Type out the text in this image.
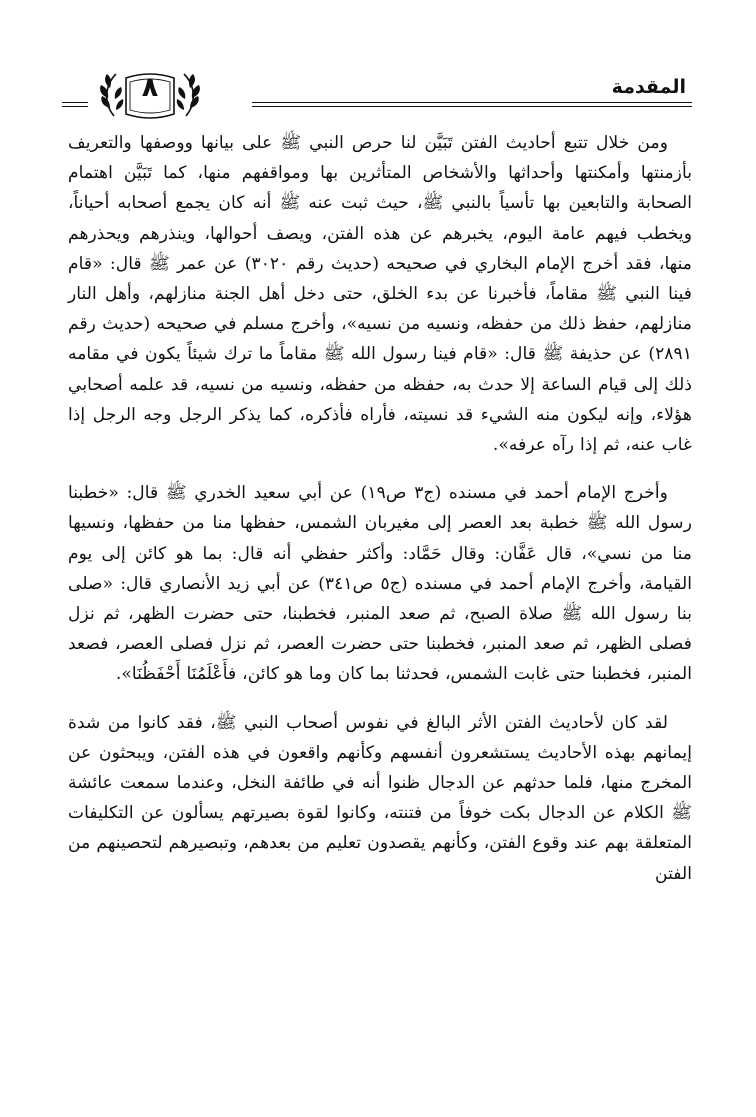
المقدمة
٨

ومن خلال تتبع أحاديث الفتن تَبَيَّن لنا حرص النبي ﷺ على بيانها ووصفها والتعريف بأزمنتها وأمكنتها وأحداثها والأشخاص المتأثرين بها ومواقفهم منها، كما تَبَيَّن اهتمام الصحابة والتابعين بها تأسياً بالنبي ﷺ، حيث ثبت عنه ﷺ أنه كان يجمع أصحابه أحياناً، ويخطب فيهم عامة اليوم، يخبرهم عن هذه الفتن، ويصف أحوالها، وينذرهم ويحذرهم منها، فقد أخرج الإمام البخاري في صحيحه (حديث رقم ٣٠٢٠) عن عمر ﷺ قال: «قام فينا النبي ﷺ مقاماً، فأخبرنا عن بدء الخلق، حتى دخل أهل الجنة منازلهم، وأهل النار منازلهم، حفظ ذلك من حفظه، ونسيه من نسيه»، وأخرج مسلم في صحيحه (حديث رقم ٢٨٩١) عن حذيفة ﷺ قال: «قام فينا رسول الله ﷺ مقاماً ما ترك شيئاً يكون في مقامه ذلك إلى قيام الساعة إلا حدث به، حفظه من حفظه، ونسيه من نسيه، قد علمه أصحابي هؤلاء، وإنه ليكون منه الشيء قد نسيته، فأراه فأذكره، كما يذكر الرجل وجه الرجل إذا غاب عنه، ثم إذا رآه عرفه».

وأخرج الإمام أحمد في مسنده (ج٣ ص١٩) عن أبي سعيد الخدري ﷺ قال: «خطبنا رسول الله ﷺ خطبة بعد العصر إلى مغيربان الشمس، حفظها منا من حفظها، ونسيها منا من نسي»، قال عَفَّان: وقال حَمَّاد: وأكثر حفظي أنه قال: بما هو كائن إلى يوم القيامة، وأخرج الإمام أحمد في مسنده (ج٥ ص٣٤١) عن أبي زيد الأنصاري قال: «صلى بنا رسول الله ﷺ صلاة الصبح، ثم صعد المنبر، فخطبنا، حتى حضرت الظهر، ثم نزل فصلى الظهر، ثم صعد المنبر، فخطبنا حتى حضرت العصر، ثم نزل فصلى العصر، فصعد المنبر، فخطبنا حتى غابت الشمس، فحدثنا بما كان وما هو كائن، فأَعْلَمُنَا أَحْفَظُنَا».

لقد كان لأحاديث الفتن الأثر البالغ في نفوس أصحاب النبي ﷺ، فقد كانوا من شدة إيمانهم بهذه الأحاديث يستشعرون أنفسهم وكأنهم واقعون في هذه الفتن، ويبحثون عن المخرج منها، فلما حدثهم عن الدجال ظنوا أنه في طائفة النخل، وعندما سمعت عائشة ﷺ الكلام عن الدجال بكت خوفاً من فتنته، وكانوا لقوة بصيرتهم يسألون عن التكليفات المتعلقة بهم عند وقوع الفتن، وكأنهم يقصدون تعليم من بعدهم، وتبصيرهم لتحصينهم من الفتن
